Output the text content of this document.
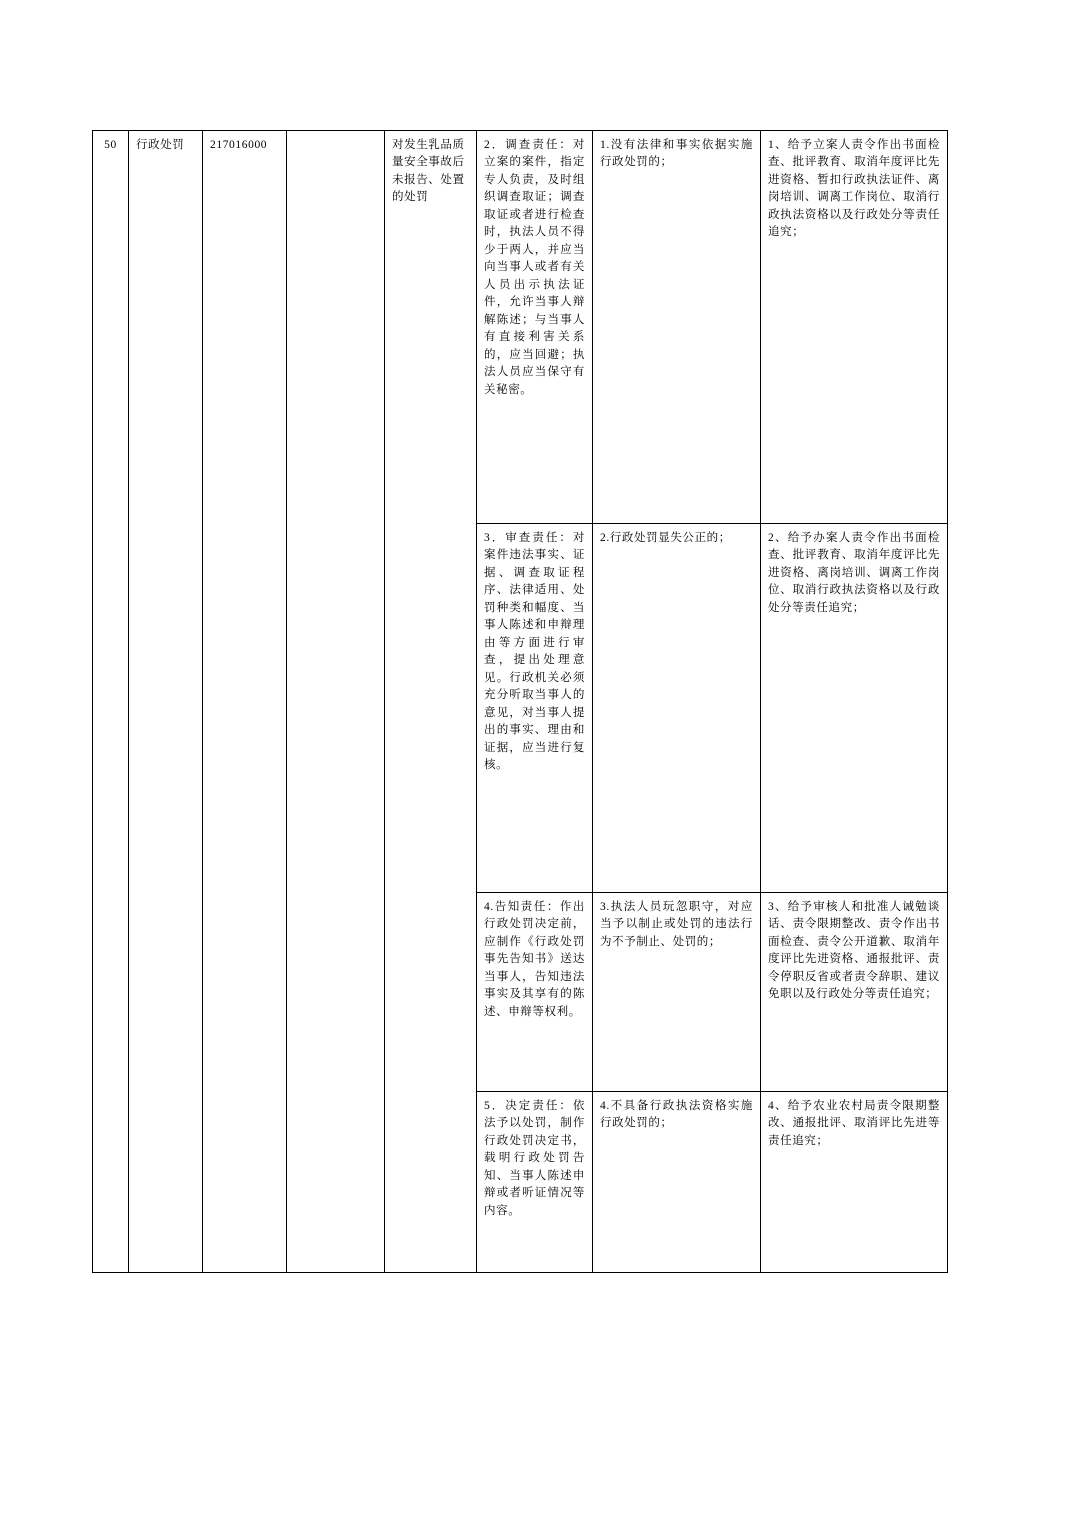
50	行政处罚	217016000		对发生乳品质量安全事故后未报告、处置的处罚	2．调查责任：对立案的案件，指定专人负责，及时组织调查取证；调查取证或者进行检查时，执法人员不得少于两人，并应当向当事人或者有关人员出示执法证件，允许当事人辩解陈述；与当事人有直接利害关系的，应当回避；执法人员应当保守有关秘密。	1.没有法律和事实依据实施行政处罚的；	1、给予立案人责令作出书面检查、批评教育、取消年度评比先进资格、暂扣行政执法证件、离岗培训、调离工作岗位、取消行政执法资格以及行政处分等责任追究；
					3．审查责任：对案件违法事实、证据、调查取证程序、法律适用、处罚种类和幅度、当事人陈述和申辩理由等方面进行审查，提出处理意见。行政机关必须充分听取当事人的意见，对当事人提出的事实、理由和证据，应当进行复核。	2.行政处罚显失公正的；	2、给予办案人责令作出书面检查、批评教育、取消年度评比先进资格、离岗培训、调离工作岗位、取消行政执法资格以及行政处分等责任追究；
					4.告知责任：作出行政处罚决定前，应制作《行政处罚事先告知书》送达当事人，告知违法事实及其享有的陈述、申辩等权利。	3.执法人员玩忽职守，对应当予以制止或处罚的违法行为不予制止、处罚的；	3、给予审核人和批准人诫勉谈话、责令限期整改、责令作出书面检查、责令公开道歉、取消年度评比先进资格、通报批评、责令停职反省或者责令辞职、建议免职以及行政处分等责任追究；
					5．决定责任：依法予以处罚，制作行政处罚决定书，载明行政处罚告知、当事人陈述申辩或者听证情况等内容。	4.不具备行政执法资格实施行政处罚的；	4、给予农业农村局责令限期整改、通报批评、取消评比先进等责任追究；
